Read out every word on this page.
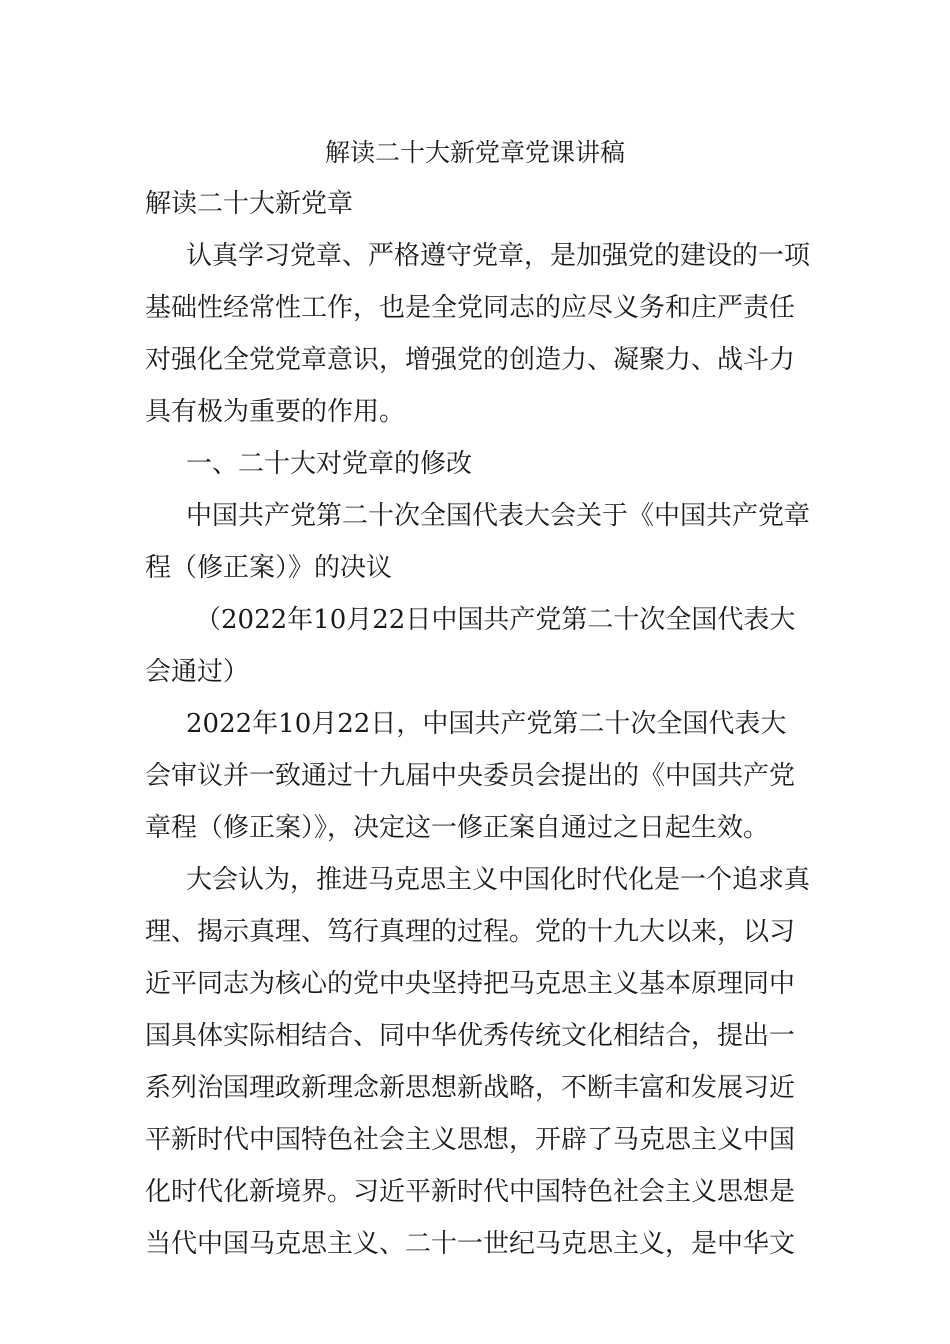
解读二十大新党章党课讲稿
解读二十大新党章
认真学习党章、严格遵守党章，是加强党的建设的一项
基础性经常性工作，也是全党同志的应尽义务和庄严责任
对强化全党党章意识，增强党的创造力、凝聚力、战斗力
具有极为重要的作用。
一、二十大对党章的修改
中国共产党第二十次全国代表大会关于《中国共产党章
程（修正案）》的决议
（2022年10月22日中国共产党第二十次全国代表大
会通过）
2022年10月22日，中国共产党第二十次全国代表大
会审议并一致通过十九届中央委员会提出的《中国共产党
章程（修正案）》，决定这一修正案自通过之日起生效。
大会认为，推进马克思主义中国化时代化是一个追求真
理、揭示真理、笃行真理的过程。党的十九大以来，以习
近平同志为核心的党中央坚持把马克思主义基本原理同中
国具体实际相结合、同中华优秀传统文化相结合，提出一
系列治国理政新理念新思想新战略，不断丰富和发展习近
平新时代中国特色社会主义思想，开辟了马克思主义中国
化时代化新境界。习近平新时代中国特色社会主义思想是
当代中国马克思主义、二十一世纪马克思主义，是中华文
